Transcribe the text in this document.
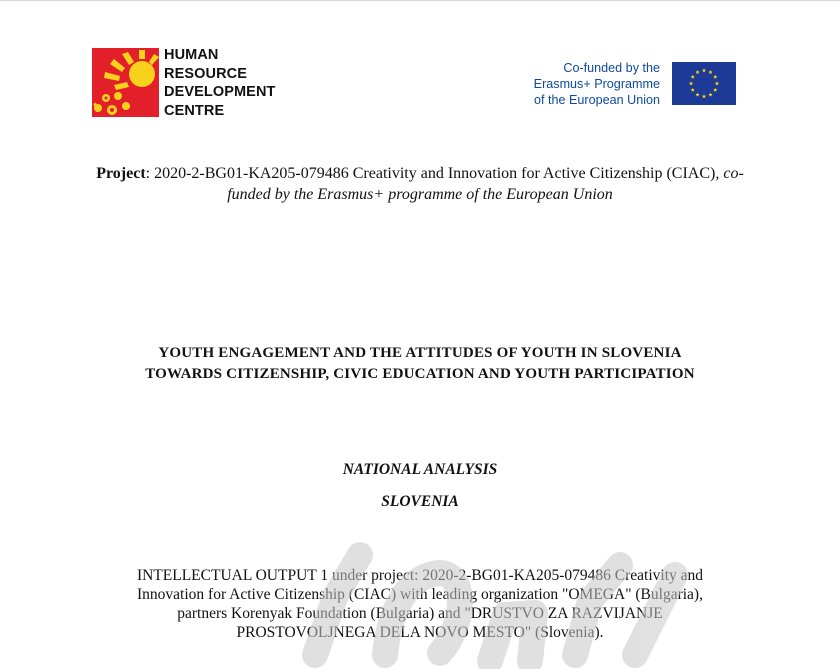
HUMAN
RESOURCE
DEVELOPMENT
CENTRE
Co-funded by the
Erasmus+ Programme
of the European Union
Project: 2020-2-BG01-KA205-079486 Creativity and Innovation for Active Citizenship (CIAC), co-funded by the Erasmus+ programme of the European Union
YOUTH ENGAGEMENT AND THE ATTITUDES OF YOUTH IN SLOVENIA
TOWARDS CITIZENSHIP, CIVIC EDUCATION AND YOUTH PARTICIPATION
NATIONAL ANALYSIS
SLOVENIA
INTELLECTUAL OUTPUT 1 under project: 2020-2-BG01-KA205-079486 Creativity and
Innovation for Active Citizenship (CIAC) with leading organization "OMEGA" (Bulgaria),
partners Korenyak Foundation (Bulgaria) and "DRUSTVO ZA RAZVIJANJE
PROSTOVOLJNEGA DELA NOVO MESTO" (Slovenia).
